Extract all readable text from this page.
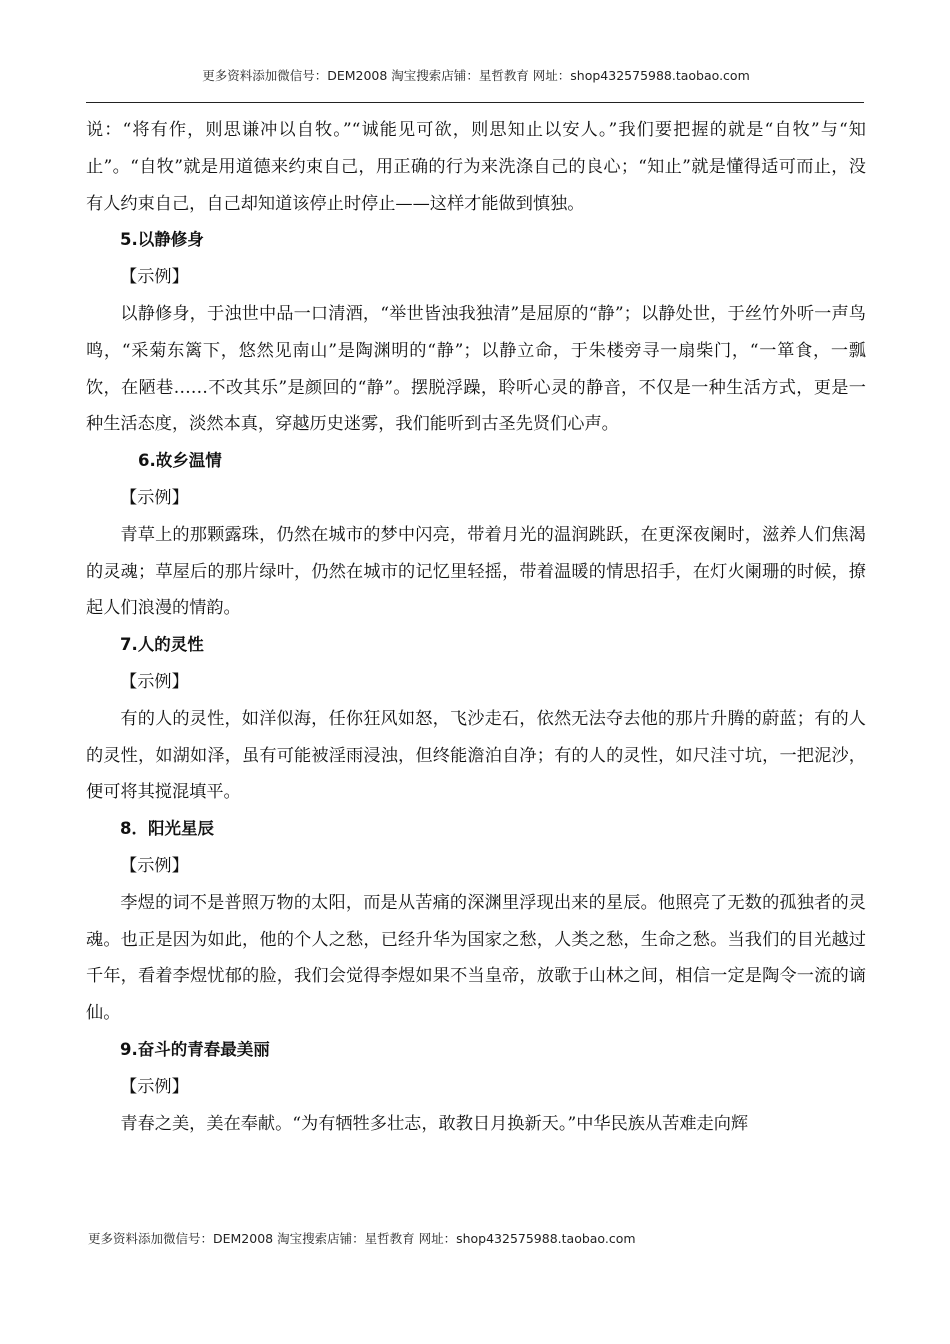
更多资料添加微信号：DEM2008 淘宝搜索店铺：星哲教育 网址：shop432575988.taobao.com

说：“将有作，则思谦冲以自牧。”“诚能见可欲，则思知止以安人。”我们要把握的就是“自牧”与“知止”。“自牧”就是用道德来约束自己，用正确的行为来洗涤自己的良心；“知止”就是懂得适可而止，没有人约束自己，自己却知道该停止时停止——这样才能做到慎独。

5.以静修身

【示例】

以静修身，于浊世中品一口清酒，“举世皆浊我独清”是屈原的“静”；以静处世，于丝竹外听一声鸟鸣，“采菊东篱下，悠然见南山”是陶渊明的“静”；以静立命，于朱楼旁寻一扇柴门，“一箪食，一瓢饮，在陋巷……不改其乐”是颜回的“静”。摆脱浮躁，聆听心灵的静音，不仅是一种生活方式，更是一种生活态度，淡然本真，穿越历史迷雾，我们能听到古圣先贤们心声。

6.故乡温情

【示例】

青草上的那颗露珠，仍然在城市的梦中闪亮，带着月光的温润跳跃，在更深夜阑时，滋养人们焦渴的灵魂；草屋后的那片绿叶，仍然在城市的记忆里轻摇，带着温暖的情思招手，在灯火阑珊的时候，撩起人们浪漫的情韵。

7.人的灵性

【示例】

有的人的灵性，如洋似海，任你狂风如怒，飞沙走石，依然无法夺去他的那片升腾的蔚蓝；有的人的灵性，如湖如泽，虽有可能被淫雨浸浊，但终能澹泊自净；有的人的灵性，如尺洼寸坑，一把泥沙，便可将其搅混填平。

8．阳光星辰

【示例】

李煜的词不是普照万物的太阳，而是从苦痛的深渊里浮现出来的星辰。他照亮了无数的孤独者的灵魂。也正是因为如此，他的个人之愁，已经升华为国家之愁，人类之愁，生命之愁。当我们的目光越过千年，看着李煜忧郁的脸，我们会觉得李煜如果不当皇帝，放歌于山林之间，相信一定是陶令一流的谪仙。

9.奋斗的青春最美丽

【示例】

青春之美，美在奉献。“为有牺牲多壮志，敢教日月换新天。”中华民族从苦难走向辉

更多资料添加微信号：DEM2008 淘宝搜索店铺：星哲教育 网址：shop432575988.taobao.com
